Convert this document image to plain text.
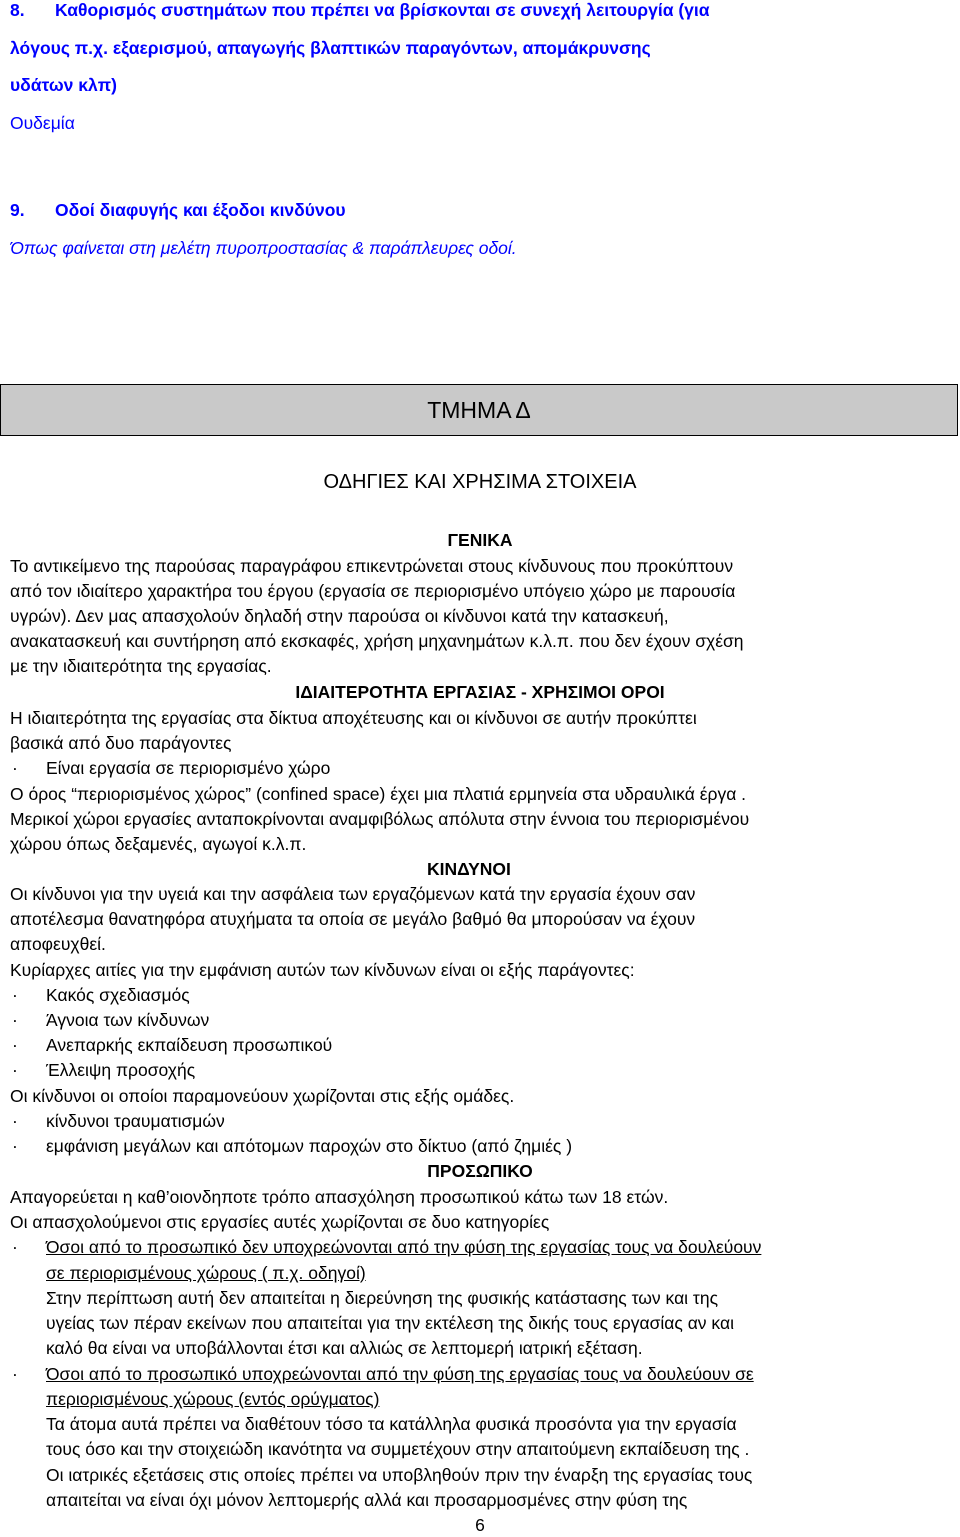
8. Καθορισμός συστημάτων που πρέπει να βρίσκονται σε συνεχή λειτουργία (για
λόγους π.χ. εξαερισμού, απαγωγής βλαπτικών παραγόντων, απομάκρυνσης
υδάτων κλπ)
Ουδεμία
9. Οδοί διαφυγής και έξοδοι κινδύνου
Όπως φαίνεται στη μελέτη πυροπροστασίας & παράπλευρες οδοί.
ΤΜΗΜΑ Δ
ΟΔΗΓΙΕΣ ΚΑΙ ΧΡΗΣΙΜΑ ΣΤΟΙΧΕΙΑ
ΓΕΝΙΚΑ
Το αντικείμενο της παρούσας παραγράφου επικεντρώνεται στους κίνδυνους που προκύπτουν
από τον ιδιαίτερο χαρακτήρα του έργου (εργασία σε περιορισμένο υπόγειο χώρο με παρουσία
υγρών). Δεν μας απασχολούν δηλαδή στην παρούσα οι κίνδυνοι κατά την κατασκευή,
ανακατασκευή και συντήρηση από εκσκαφές, χρήση μηχανημάτων κ.λ.π. που δεν έχουν σχέση
με την ιδιαιτερότητα της εργασίας.
ΙΔΙΑΙΤΕΡΟΤΗΤΑ ΕΡΓΑΣΙΑΣ - ΧΡΗΣΙΜΟΙ ΟΡΟΙ
Η ιδιαιτερότητα της εργασίας στα δίκτυα αποχέτευσης και οι κίνδυνοι σε αυτήν προκύπτει
βασικά από δυο παράγοντες
· Είναι εργασία σε περιορισμένο χώρο
Ο όρος “περιορισμένος χώρος” (confined space) έχει μια πλατιά ερμηνεία στα υδραυλικά έργα .
Μερικοί χώροι εργασίες ανταποκρίνονται αναμφιβόλως απόλυτα στην έννοια του περιορισμένου
χώρου όπως δεξαμενές, αγωγοί κ.λ.π.
ΚΙΝΔΥΝΟΙ
Οι κίνδυνοι για την υγειά και την ασφάλεια των εργαζόμενων κατά την εργασία έχουν σαν
αποτέλεσμα θανατηφόρα ατυχήματα τα οποία σε μεγάλο βαθμό θα μπορούσαν να έχουν
αποφευχθεί.
Κυρίαρχες αιτίες για την εμφάνιση αυτών των κίνδυνων είναι οι εξής παράγοντες:
· Κακός σχεδιασμός
· Άγνοια των κίνδυνων
· Ανεπαρκής εκπαίδευση προσωπικού
· Έλλειψη προσοχής
Οι κίνδυνοι οι οποίοι παραμονεύουν χωρίζονται στις εξής ομάδες.
· κίνδυνοι τραυματισμών
· εμφάνιση μεγάλων και απότομων παροχών στο δίκτυο (από ζημιές )
ΠΡΟΣΩΠΙΚΟ
Απαγορεύεται η καθ’οιονδηποτε τρόπο απασχόληση προσωπικού κάτω των 18 ετών.
Οι απασχολούμενοι στις εργασίες αυτές χωρίζονται σε δυο κατηγορίες
· Όσοι από το προσωπικό δεν υποχρεώνονται από την φύση της εργασίας τους να δουλεύουν
σε περιορισμένους χώρους ( π.χ. οδηγοί)
Στην περίπτωση αυτή δεν απαιτείται η διερεύνηση της φυσικής κατάστασης των και της
υγείας των πέραν εκείνων που απαιτείται για την εκτέλεση της δικής τους εργασίας αν και
καλό θα είναι να υποβάλλονται έτσι και αλλιώς σε λεπτομερή ιατρική εξέταση.
· Όσοι από το προσωπικό υποχρεώνονται από την φύση της εργασίας τους να δουλεύουν σε
περιορισμένους χώρους (εντός ορύγματος)
Τα άτομα αυτά πρέπει να διαθέτουν τόσο τα κατάλληλα φυσικά προσόντα για την εργασία
τους όσο και την στοιχειώδη ικανότητα να συμμετέχουν στην απαιτούμενη εκπαίδευση της .
Οι ιατρικές εξετάσεις στις οποίες πρέπει να υποβληθούν πριν την έναρξη της εργασίας τους
απαιτείται να είναι όχι μόνον λεπτομερής αλλά και προσαρμοσμένες στην φύση της
6
